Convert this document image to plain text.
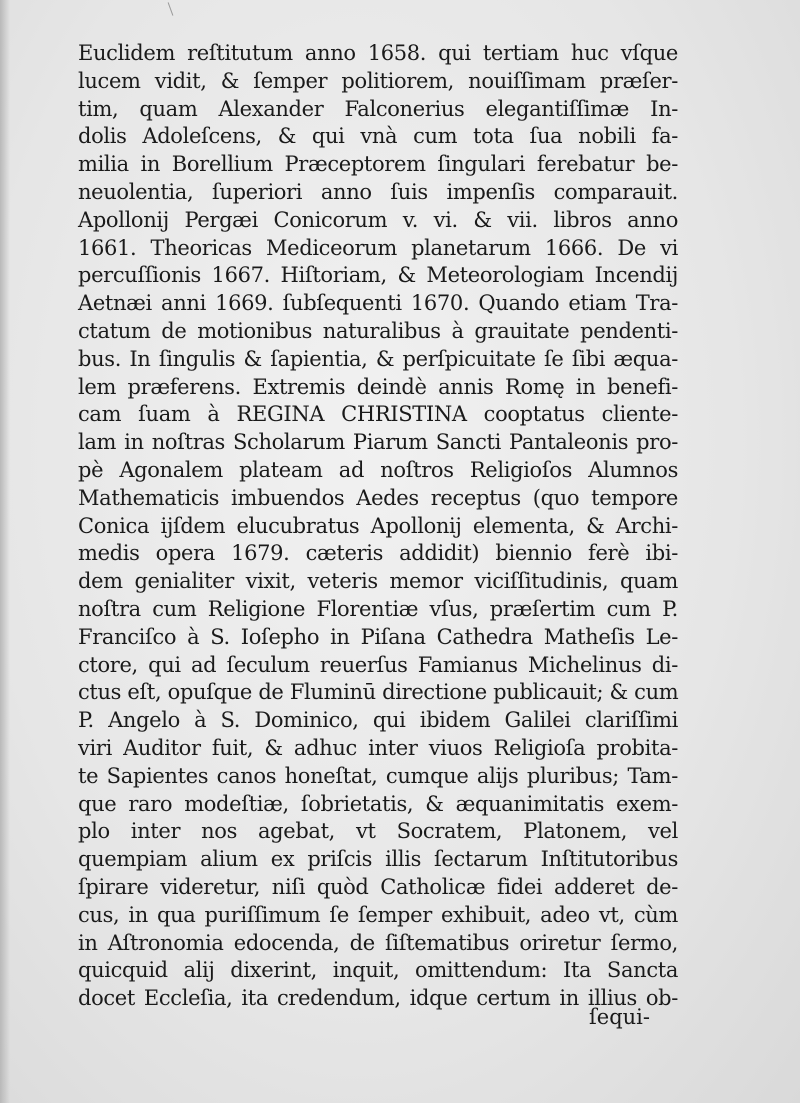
Euclidem reſtitutum anno 1658. qui tertiam huc vſque
lucem vidit, & ſemper politiorem, nouiſſimam præſer-
tim, quam Alexander Falconerius elegantiſſimæ In-
dolis Adoleſcens, & qui vnà cum tota ſua nobili fa-
milia in Borellium Præceptorem ſingulari ferebatur be-
neuolentia, ſuperiori anno ſuis impenſis comparauit.
Apollonij Pergæi Conicorum v. vi. & vii. libros anno
1661. Theoricas Mediceorum planetarum 1666. De vi
percuſſionis 1667. Hiſtoriam, & Meteorologiam Incendij
Aetnæi anni 1669. ſubſequenti 1670. Quando etiam Tra-
ctatum de motionibus naturalibus à grauitate pendenti-
bus. In ſingulis & ſapientia, & perſpicuitate ſe ſibi æqua-
lem præferens. Extremis deindè annis Romę in benefi-
cam ſuam à REGINA CHRISTINA cooptatus cliente-
lam in noſtras Scholarum Piarum Sancti Pantaleonis pro-
pè Agonalem plateam ad noſtros Religioſos Alumnos
Mathematicis imbuendos Aedes receptus (quo tempore
Conica ijſdem elucubratus Apollonij elementa, & Archi-
medis opera 1679. cæteris addidit) biennio ferè ibi-
dem genialiter vixit, veteris memor viciſſitudinis, quam
noſtra cum Religione Florentiæ vſus, præſertim cum P.
Franciſco à S. Ioſepho in Piſana Cathedra Matheſis Le-
ctore, qui ad ſeculum reuerſus Famianus Michelinus di-
ctus eſt, opuſque de Fluminū directione publicauit; & cum
P. Angelo à S. Dominico, qui ibidem Galilei clariſſimi
viri Auditor fuit, & adhuc inter viuos Religioſa probita-
te Sapientes canos honeſtat, cumque alijs pluribus; Tam-
que raro modeſtiæ, ſobrietatis, & æquanimitatis exem-
plo inter nos agebat, vt Socratem, Platonem, vel
quempiam alium ex priſcis illis ſectarum Inſtitutoribus
ſpirare videretur, niſi quòd Catholicæ fidei adderet de-
cus, in qua puriſſimum ſe ſemper exhibuit, adeo vt, cùm
in Aſtronomia edocenda, de ſiſtematibus oriretur ſermo,
quicquid alij dixerint, inquit, omittendum: Ita Sancta
docet Eccleſia, ita credendum, idque certum in illius ob-
ſequi-
